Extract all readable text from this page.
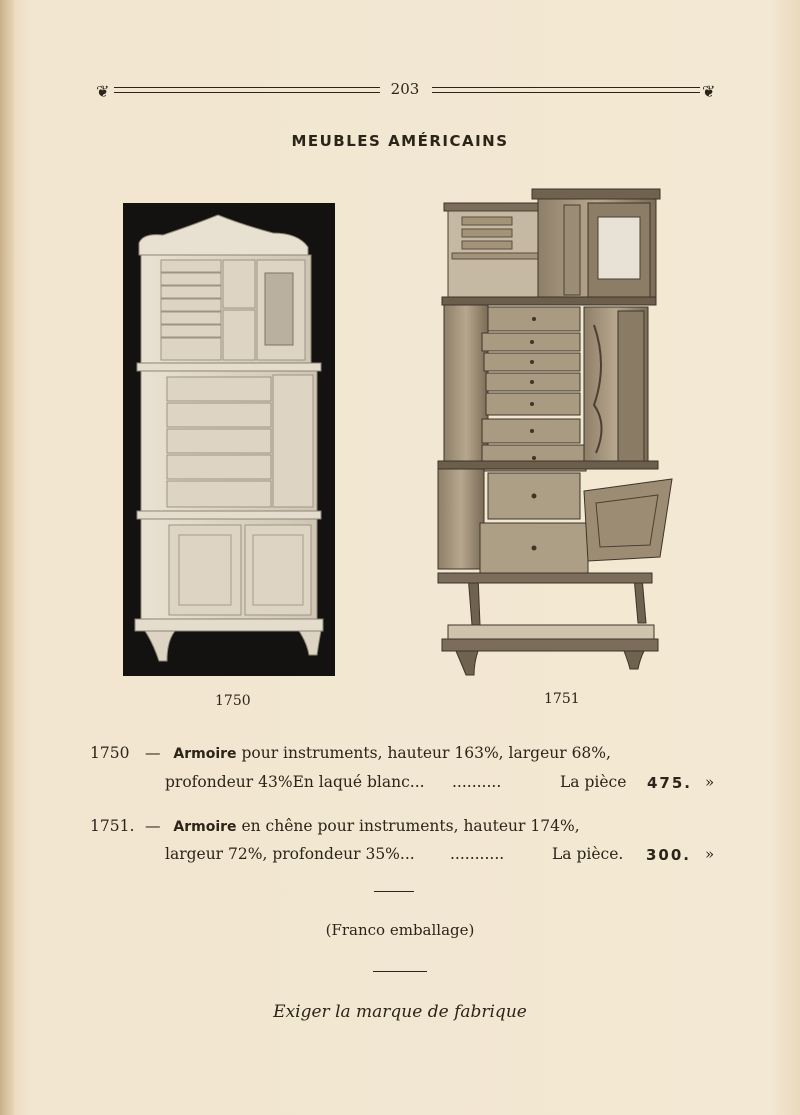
❦	203	❦
MEUBLES AMÉRICAINS
1750	1751
1750 — Armoire pour instruments, hauteur 163%, largeur 68%,
profondeur 43%En laqué blanc... ..........	La pièce 475. »
1751. — Armoire en chêne pour instruments, hauteur 174%,
largeur 72%, profondeur 35%... ...........	La pièce. 300. »
(Franco emballage)
Exiger la marque de fabrique
